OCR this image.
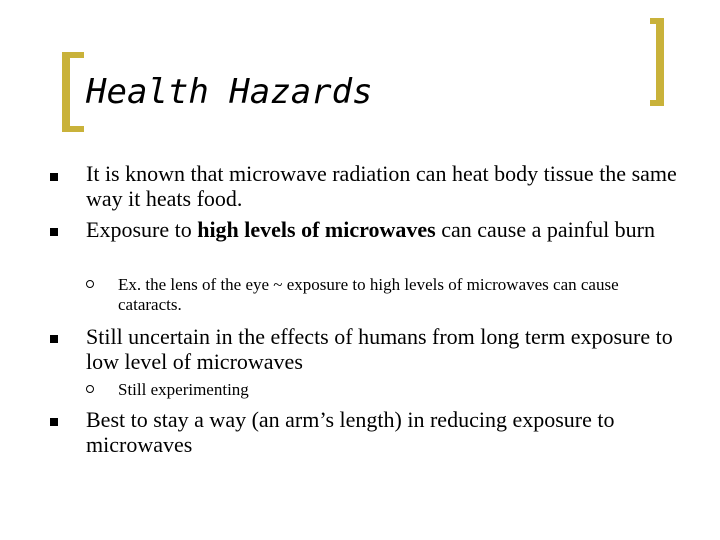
Health Hazards

It is known that microwave radiation can heat body tissue the same way it heats food.

Exposure to high levels of microwaves can cause a painful burn

Ex. the lens of the eye ~ exposure to high levels of microwaves can cause cataracts.

Still uncertain in the effects of humans from long term exposure to low level of microwaves

Still experimenting

Best to stay a way (an arm’s length) in reducing exposure to microwaves
